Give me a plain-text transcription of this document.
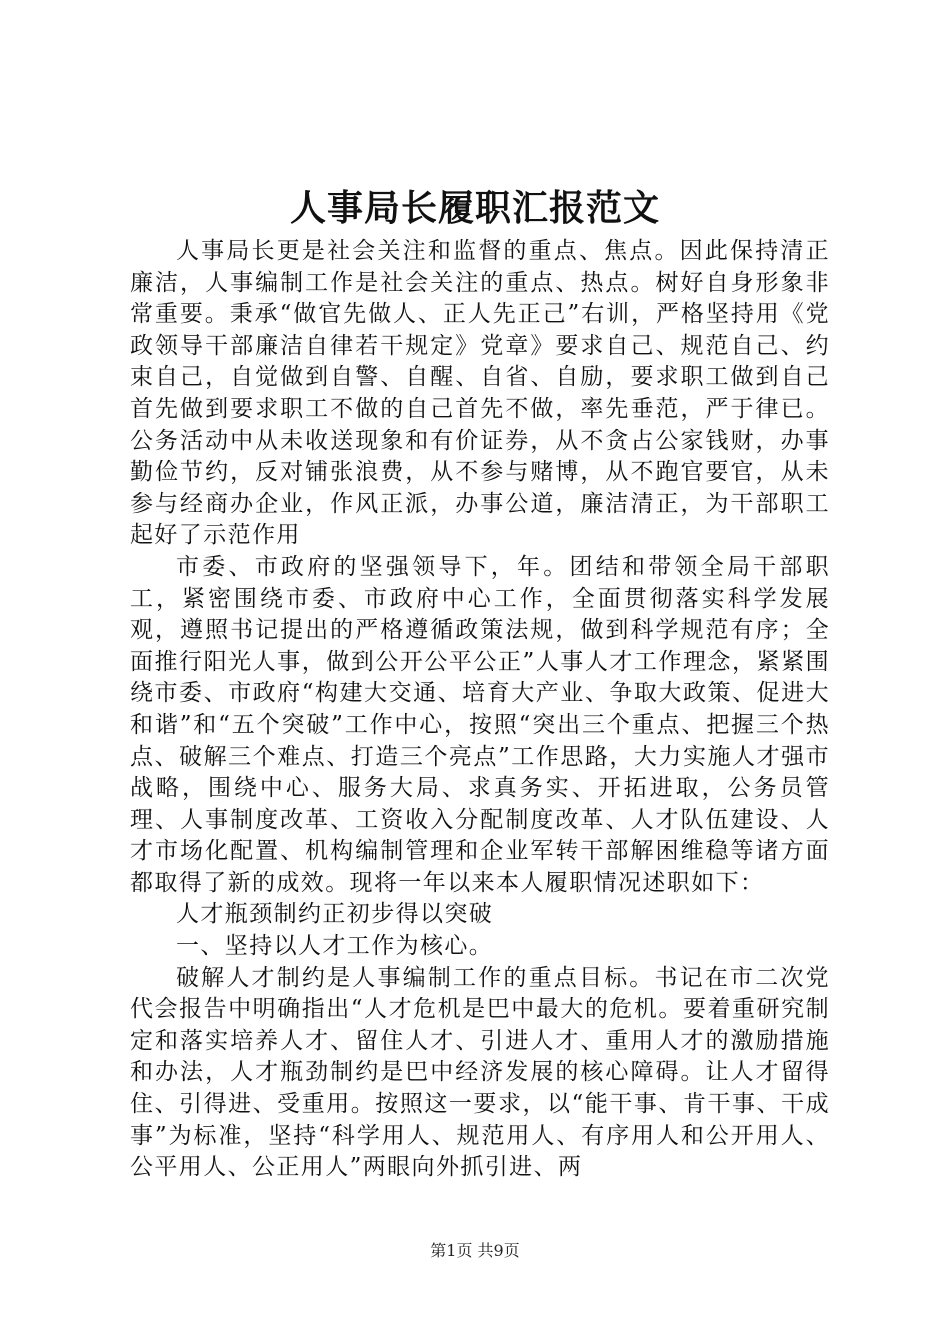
人事局长履职汇报范文

人事局长更是社会关注和监督的重点、焦点。因此保持清正廉洁，人事编制工作是社会关注的重点、热点。树好自身形象非常重要。秉承“做官先做人、正人先正己”右训，严格坚持用《党政领导干部廉洁自律若干规定》党章》要求自己、规范自己、约束自己，自觉做到自警、自醒、自省、自励，要求职工做到自己首先做到要求职工不做的自己首先不做，率先垂范，严于律已。公务活动中从未收送现象和有价证券，从不贪占公家钱财，办事勤俭节约，反对铺张浪费，从不参与赌博，从不跑官要官，从未参与经商办企业，作风正派，办事公道，廉洁清正，为干部职工起好了示范作用

市委、市政府的坚强领导下，年。团结和带领全局干部职工，紧密围绕市委、市政府中心工作，全面贯彻落实科学发展观，遵照书记提出的严格遵循政策法规，做到科学规范有序；全面推行阳光人事，做到公开公平公正”人事人才工作理念，紧紧围绕市委、市政府“构建大交通、培育大产业、争取大政策、促进大和谐”和“五个突破”工作中心，按照“突出三个重点、把握三个热点、破解三个难点、打造三个亮点”工作思路，大力实施人才强市战略，围绕中心、服务大局、求真务实、开拓进取，公务员管理、人事制度改革、工资收入分配制度改革、人才队伍建设、人才市场化配置、机构编制管理和企业军转干部解困维稳等诸方面都取得了新的成效。现将一年以来本人履职情况述职如下：

人才瓶颈制约正初步得以突破

一、坚持以人才工作为核心。

破解人才制约是人事编制工作的重点目标。书记在市二次党代会报告中明确指出“人才危机是巴中最大的危机。要着重研究制定和落实培养人才、留住人才、引进人才、重用人才的激励措施和办法，人才瓶劲制约是巴中经济发展的核心障碍。让人才留得住、引得进、受重用。按照这一要求，以“能干事、肯干事、干成事”为标准，坚持“科学用人、规范用人、有序用人和公开用人、公平用人、公正用人”两眼向外抓引进、两

第1页 共9页
